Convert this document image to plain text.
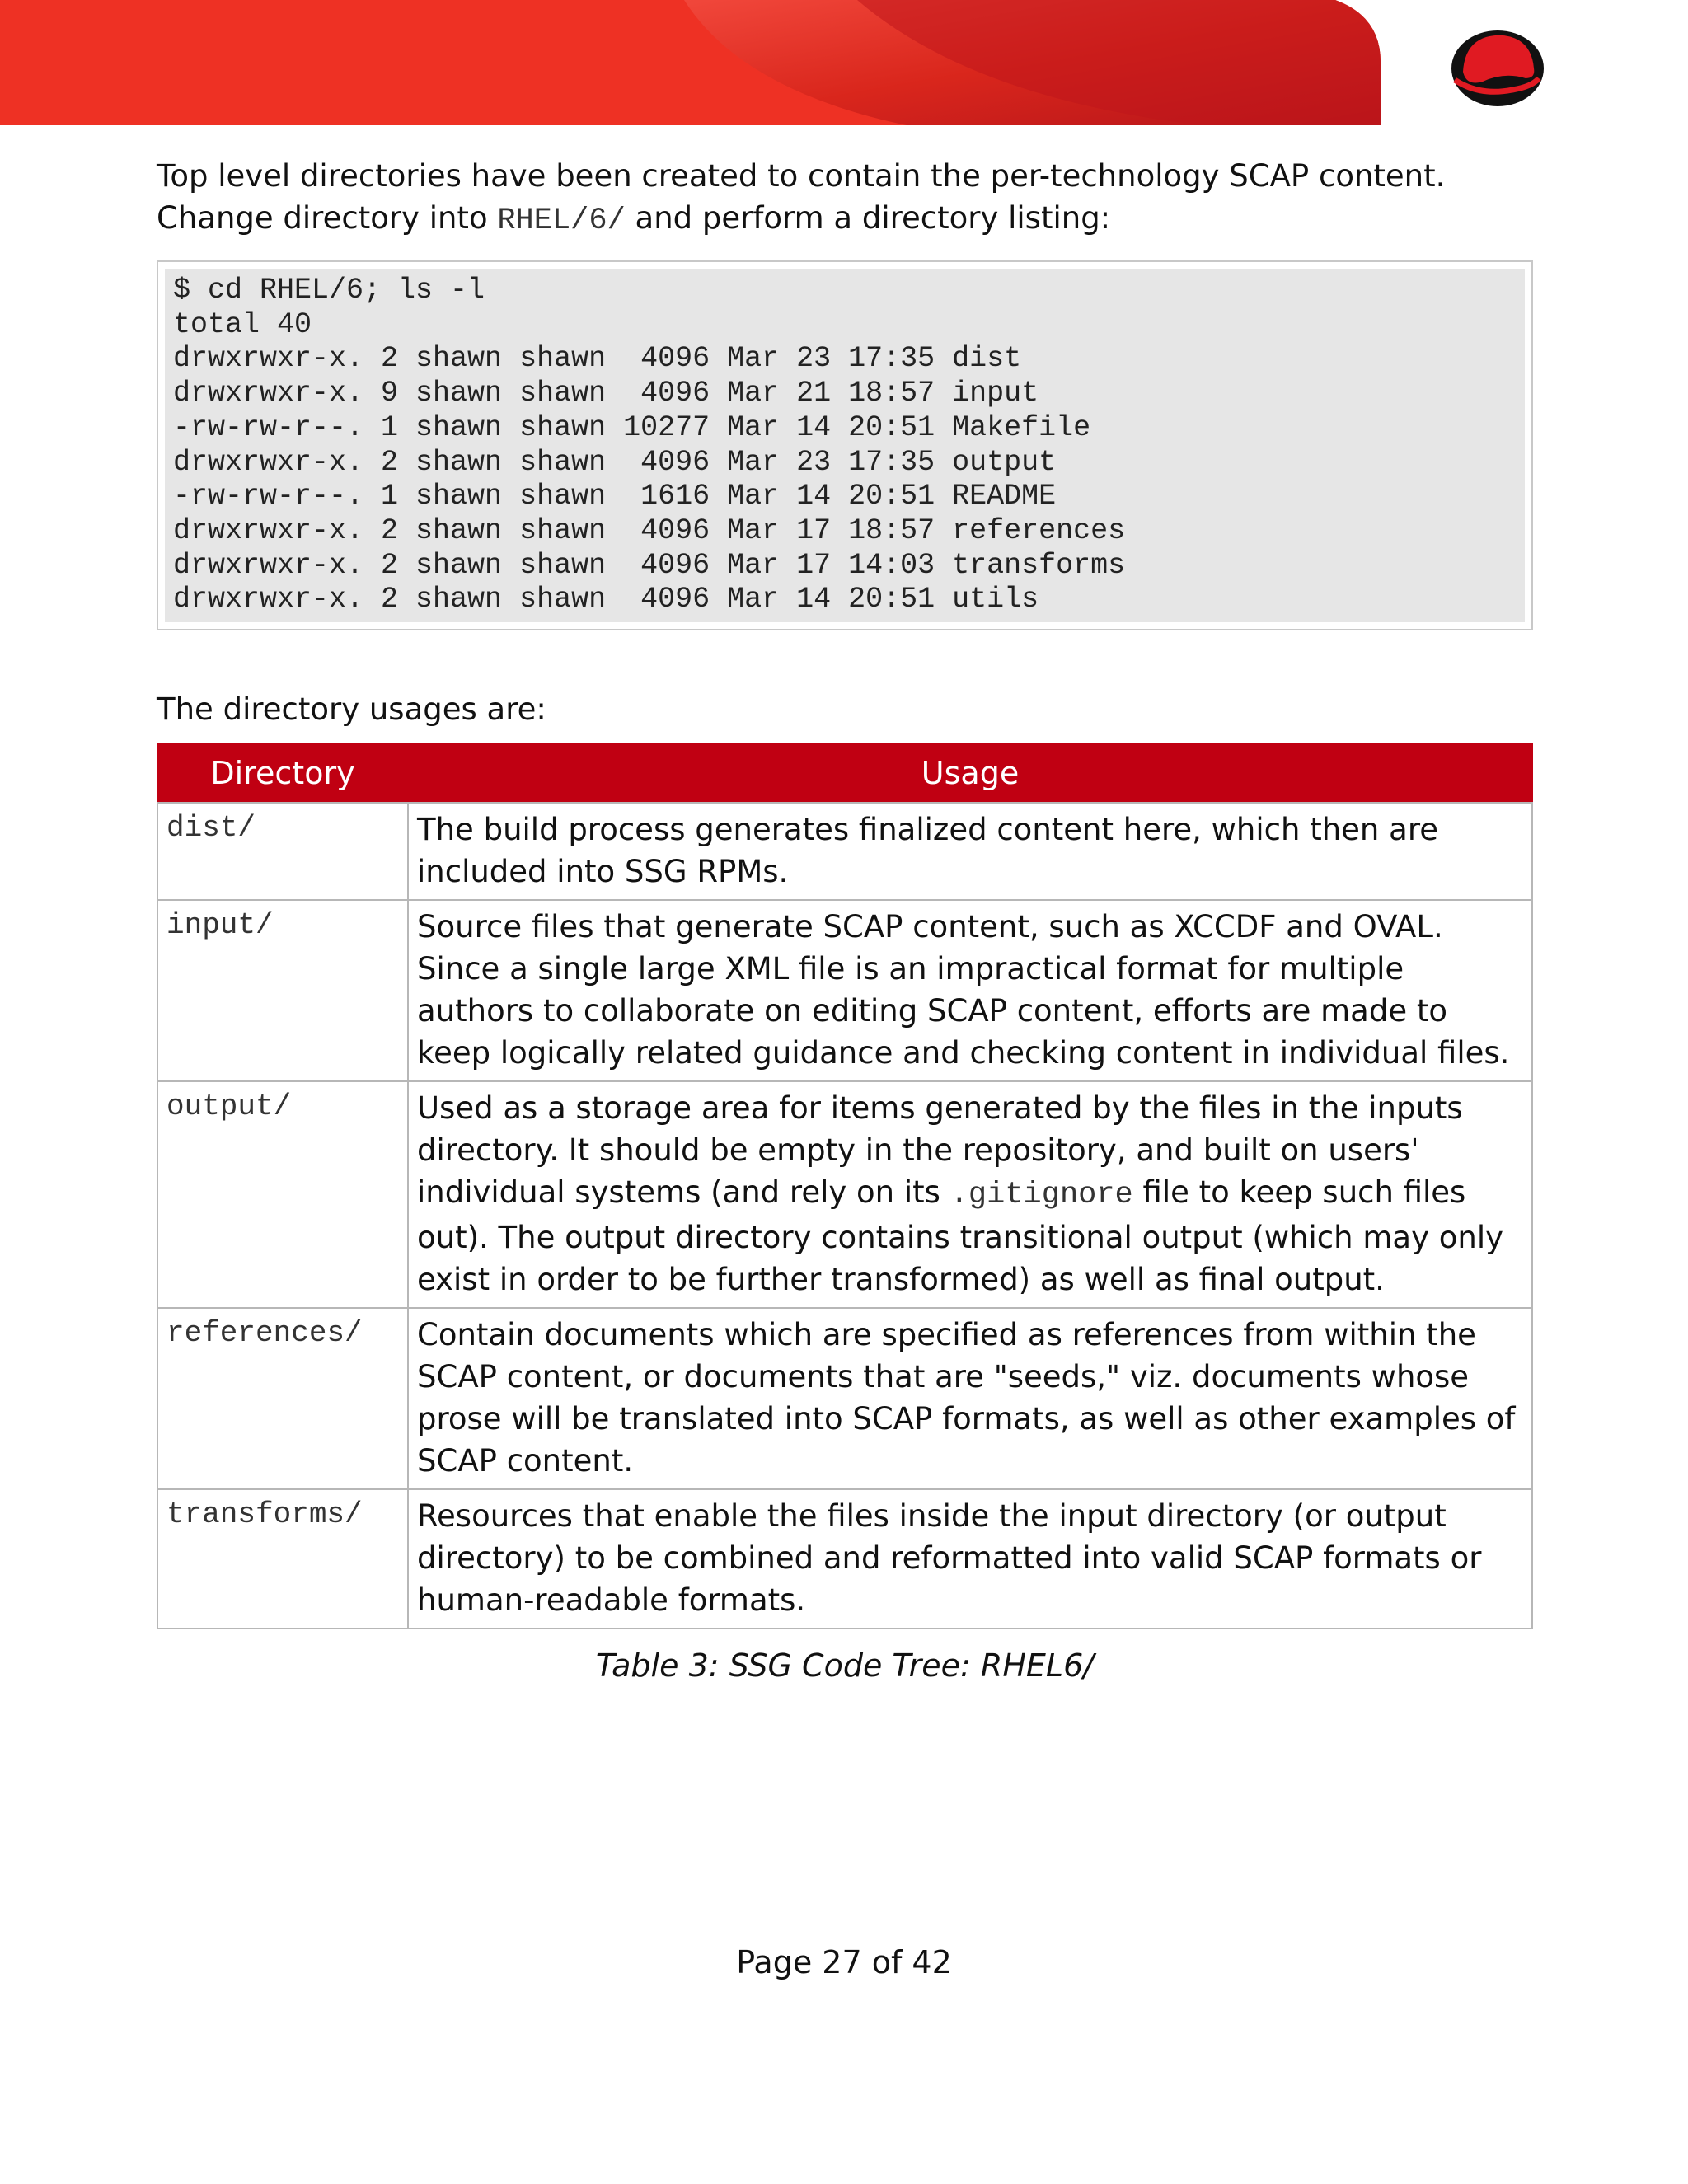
Top level directories have been created to contain the per-technology SCAP content.
Change directory into RHEL/6/ and perform a directory listing:

$ cd RHEL/6; ls -l
total 40
drwxrwxr-x. 2 shawn shawn  4096 Mar 23 17:35 dist
drwxrwxr-x. 9 shawn shawn  4096 Mar 21 18:57 input
-rw-rw-r--. 1 shawn shawn 10277 Mar 14 20:51 Makefile
drwxrwxr-x. 2 shawn shawn  4096 Mar 23 17:35 output
-rw-rw-r--. 1 shawn shawn  1616 Mar 14 20:51 README
drwxrwxr-x. 2 shawn shawn  4096 Mar 17 18:57 references
drwxrwxr-x. 2 shawn shawn  4096 Mar 17 14:03 transforms
drwxrwxr-x. 2 shawn shawn  4096 Mar 14 20:51 utils

The directory usages are:

Directory	Usage
dist/	The build process generates finalized content here, which then are included into SSG RPMs.
input/	Source files that generate SCAP content, such as XCCDF and OVAL. Since a single large XML file is an impractical format for multiple authors to collaborate on editing SCAP content, efforts are made to keep logically related guidance and checking content in individual files.
output/	Used as a storage area for items generated by the files in the inputs directory. It should be empty in the repository, and built on users' individual systems (and rely on its .gitignore file to keep such files out). The output directory contains transitional output (which may only exist in order to be further transformed) as well as final output.
references/	Contain documents which are specified as references from within the SCAP content, or documents that are "seeds," viz. documents whose prose will be translated into SCAP formats, as well as other examples of SCAP content.
transforms/	Resources that enable the files inside the input directory (or output directory) to be combined and reformatted into valid SCAP formats or human-readable formats.
Table 3: SSG Code Tree: RHEL6/
Page 27 of 42
